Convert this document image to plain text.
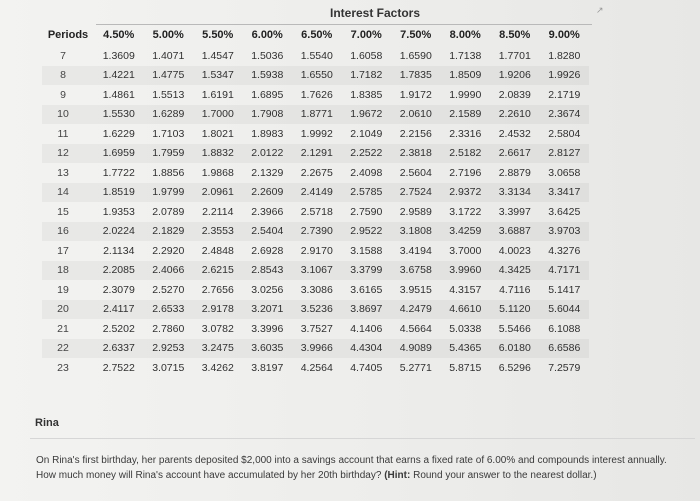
Interest Factors	↗
Periods	4.50%	5.00%	5.50%	6.00%	6.50%	7.00%	7.50%	8.00%	8.50%	9.00%
7	1.3609	1.4071	1.4547	1.5036	1.5540	1.6058	1.6590	1.7138	1.7701	1.8280
8	1.4221	1.4775	1.5347	1.5938	1.6550	1.7182	1.7835	1.8509	1.9206	1.9926
9	1.4861	1.5513	1.6191	1.6895	1.7626	1.8385	1.9172	1.9990	2.0839	2.1719
10	1.5530	1.6289	1.7000	1.7908	1.8771	1.9672	2.0610	2.1589	2.2610	2.3674
11	1.6229	1.7103	1.8021	1.8983	1.9992	2.1049	2.2156	2.3316	2.4532	2.5804
12	1.6959	1.7959	1.8832	2.0122	2.1291	2.2522	2.3818	2.5182	2.6617	2.8127
13	1.7722	1.8856	1.9868	2.1329	2.2675	2.4098	2.5604	2.7196	2.8879	3.0658
14	1.8519	1.9799	2.0961	2.2609	2.4149	2.5785	2.7524	2.9372	3.3134	3.3417
15	1.9353	2.0789	2.2114	2.3966	2.5718	2.7590	2.9589	3.1722	3.3997	3.6425
16	2.0224	2.1829	2.3553	2.5404	2.7390	2.9522	3.1808	3.4259	3.6887	3.9703
17	2.1134	2.2920	2.4848	2.6928	2.9170	3.1588	3.4194	3.7000	4.0023	4.3276
18	2.2085	2.4066	2.6215	2.8543	3.1067	3.3799	3.6758	3.9960	4.3425	4.7171
19	2.3079	2.5270	2.7656	3.0256	3.3086	3.6165	3.9515	4.3157	4.7116	5.1417
20	2.4117	2.6533	2.9178	3.2071	3.5236	3.8697	4.2479	4.6610	5.1120	5.6044
21	2.5202	2.7860	3.0782	3.3996	3.7527	4.1406	4.5664	5.0338	5.5466	6.1088
22	2.6337	2.9253	3.2475	3.6035	3.9966	4.4304	4.9089	5.4365	6.0180	6.6586
23	2.7522	3.0715	3.4262	3.8197	4.2564	4.7405	5.2771	5.8715	6.5296	7.2579
Rina
On Rina's first birthday, her parents deposited $2,000 into a savings account that earns a fixed rate of 6.00% and compounds interest annually. How much money will Rina's account have accumulated by her 20th birthday? (Hint: Round your answer to the nearest dollar.)
